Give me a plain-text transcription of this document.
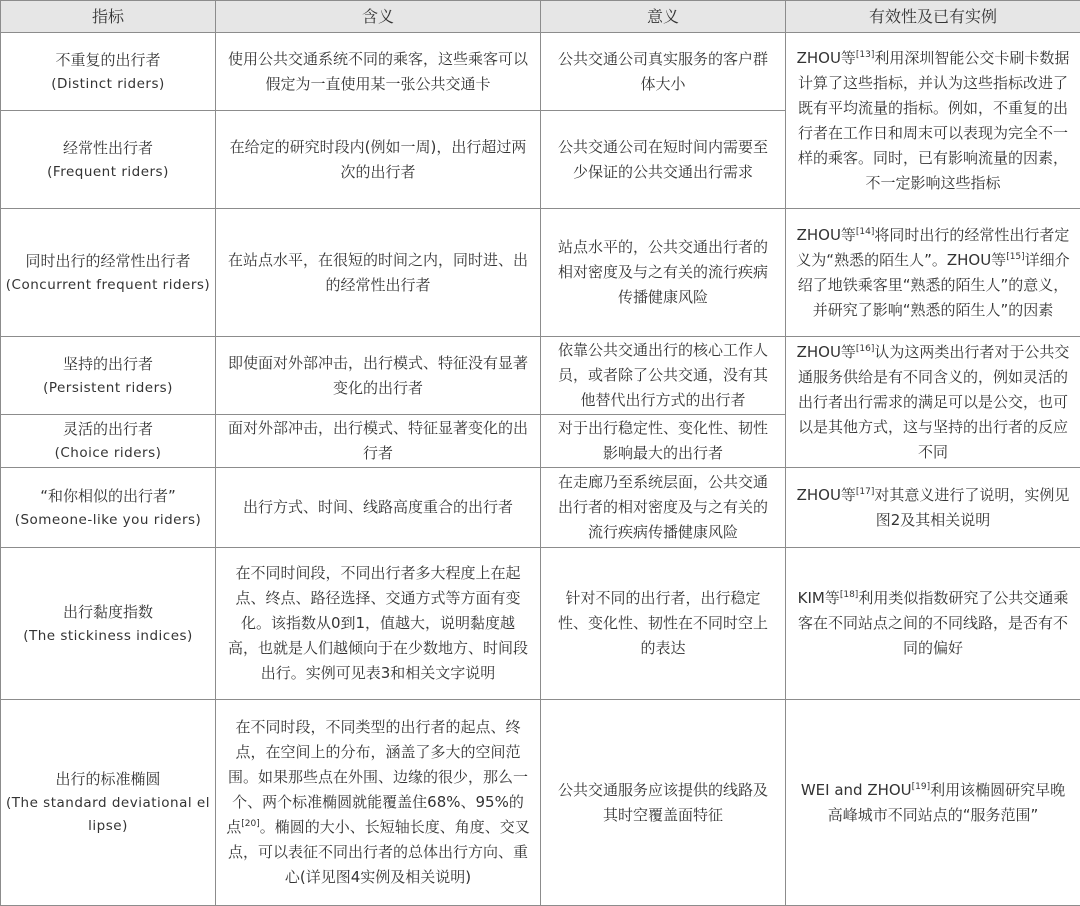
指标	含义	意义	有效性及已有实例
不重复的出行者
(Distinct riders)	使用公共交通系统不同的乘客，这些乘客可以假定为一直使用某一张公共交通卡	公共交通公司真实服务的客户群体大小	ZHOU等[13]利用深圳智能公交卡刷卡数据计算了这些指标，并认为这些指标改进了既有平均流量的指标。例如，不重复的出行者在工作日和周末可以表现为完全不一样的乘客。同时，已有影响流量的因素，不一定影响这些指标
经常性出行者
(Frequent riders)	在给定的研究时段内(例如一周)，出行超过两次的出行者	公共交通公司在短时间内需要至少保证的公共交通出行需求	
同时出行的经常性出行者
(Concurrent frequent riders)	在站点水平，在很短的时间之内，同时进、出的经常性出行者	站点水平的，公共交通出行者的相对密度及与之有关的流行疾病传播健康风险	ZHOU等[14]将同时出行的经常性出行者定义为“熟悉的陌生人”。ZHOU等[15]详细介绍了地铁乘客里“熟悉的陌生人”的意义，并研究了影响“熟悉的陌生人”的因素
坚持的出行者
(Persistent riders)	即使面对外部冲击，出行模式、特征没有显著变化的出行者	依靠公共交通出行的核心工作人员，或者除了公共交通，没有其他替代出行方式的出行者	ZHOU等[16]认为这两类出行者对于公共交通服务供给是有不同含义的，例如灵活的出行者出行需求的满足可以是公交，也可以是其他方式，这与坚持的出行者的反应不同
灵活的出行者
(Choice riders)	面对外部冲击，出行模式、特征显著变化的出行者	对于出行稳定性、变化性、韧性影响最大的出行者	
“和你相似的出行者”
(Someone-like you riders)	出行方式、时间、线路高度重合的出行者	在走廊乃至系统层面，公共交通出行者的相对密度及与之有关的流行疾病传播健康风险	ZHOU等[17]对其意义进行了说明，实例见图2及其相关说明
出行黏度指数
(The stickiness indices)	在不同时间段，不同出行者多大程度上在起点、终点、路径选择、交通方式等方面有变化。该指数从0到1，值越大，说明黏度越高，也就是人们越倾向于在少数地方、时间段出行。实例可见表3和相关文字说明	针对不同的出行者，出行稳定性、变化性、韧性在不同时空上的表达	KIM等[18]利用类似指数研究了公共交通乘客在不同站点之间的不同线路，是否有不同的偏好
出行的标准椭圆
(The standard deviational ellipse)	在不同时段，不同类型的出行者的起点、终点，在空间上的分布，涵盖了多大的空间范围。如果那些点在外围、边缘的很少，那么一个、两个标准椭圆就能覆盖住68%、95%的点[20]。椭圆的大小、长短轴长度、角度、交叉点，可以表征不同出行者的总体出行方向、重心(详见图4实例及相关说明)	公共交通服务应该提供的线路及其时空覆盖面特征	WEI and ZHOU[19]利用该椭圆研究早晚高峰城市不同站点的“服务范围”
